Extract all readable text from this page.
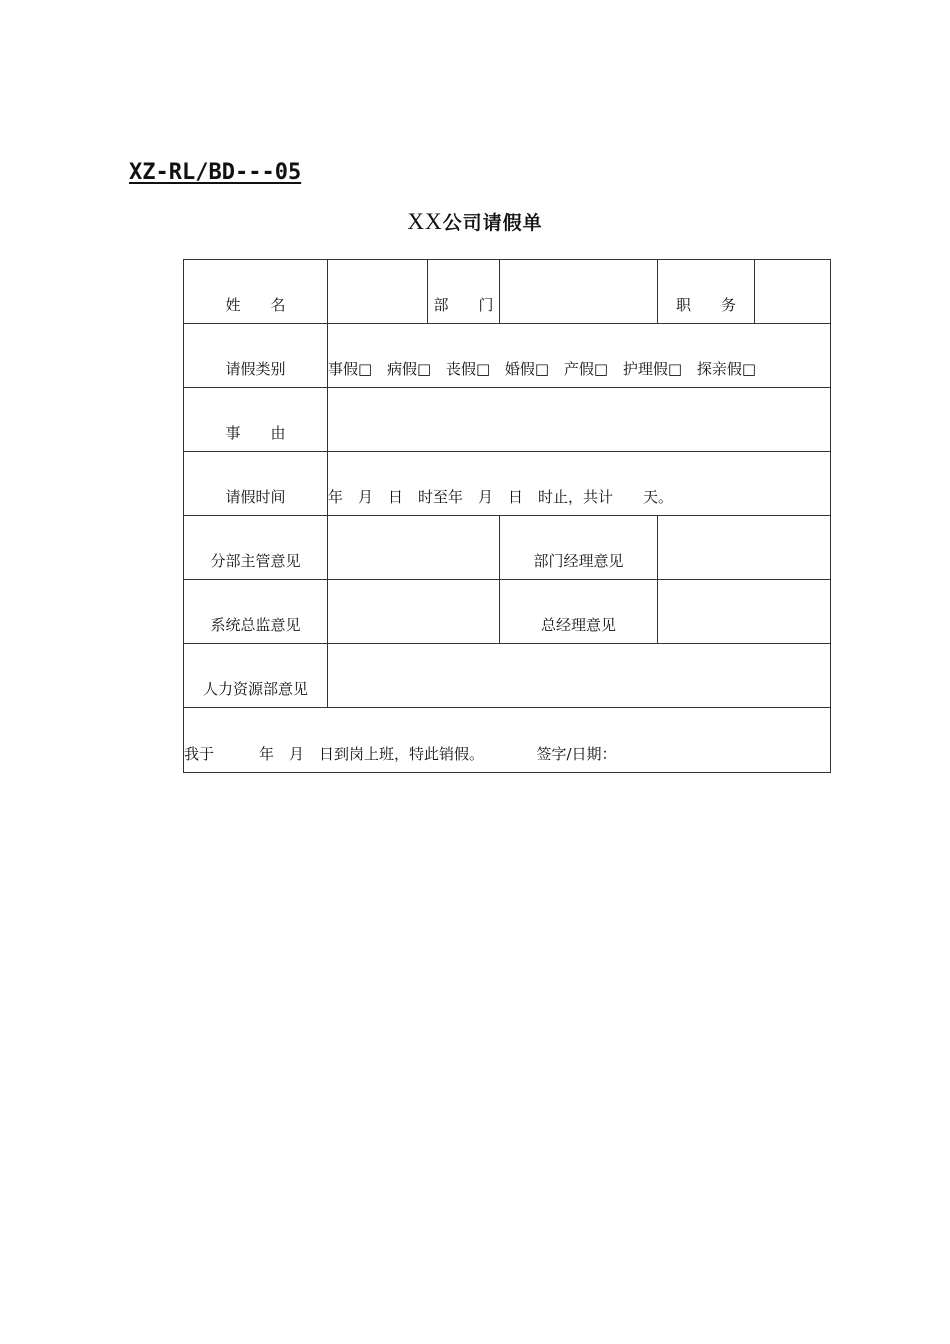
XZ-RL/BD---05
XX公司请假单
姓　　名		部　　门		职　　务	
请假类别	事假□ 病假□ 丧假□ 婚假□ 产假□ 护理假□ 探亲假□				
事　　由					
请假时间	年　月　日　时至年　月　日　时止，共计　　天。				
分部主管意见			部门经理意见		
系统总监意见			总经理意见		
人力资源部意见					
我于　　　年　月　日到岗上班，特此销假。　　　　签字/日期：					
